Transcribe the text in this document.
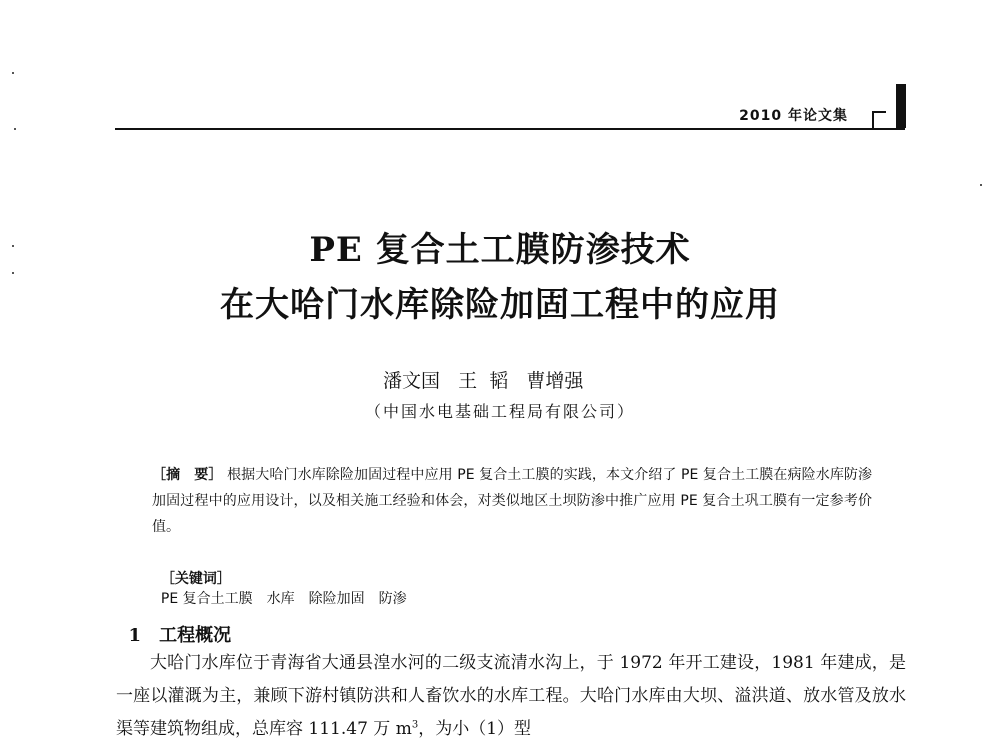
2010 年论文集
PE 复合土工膜防渗技术
在大哈门水库除险加固工程中的应用
潘文国   王  韬   曹增强
（中国水电基础工程局有限公司）
［摘　要］ 根据大哈门水库除险加固过程中应用 PE 复合土工膜的实践，本文介绍了 PE 复合土工膜在病险水库防渗加固过程中的应用设计，以及相关施工经验和体会，对类似地区土坝防渗中推广应用 PE 复合土巩工膜有一定参考价值。

［关键词］
PE 复合土工膜　水库　除险加固　防渗

1　 工程概况

大哈门水库位于青海省大通县湟水河的二级支流清水沟上，于 1972 年开工建设，1981 年建成，是一座以灌溉为主，兼顾下游村镇防洪和人畜饮水的水库工程。大哈门水库由大坝、溢洪道、放水管及放水渠等建筑物组成，总库容 111.47 万 $m^3$，为小（1）型
